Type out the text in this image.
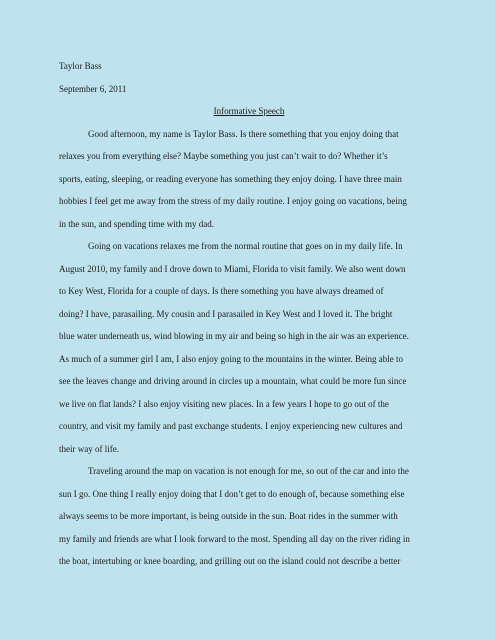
Taylor Bass
September 6, 2011
Informative Speech
Good afternoon, my name is Taylor Bass. Is there something that you enjoy doing that
relaxes you from everything else? Maybe something you just can’t wait to do? Whether it’s
sports, eating, sleeping, or reading everyone has something they enjoy doing. I have three main
hobbies I feel get me away from the stress of my daily routine. I enjoy going on vacations, being
in the sun, and spending time with my dad.
Going on vacations relaxes me from the normal routine that goes on in my daily life. In
August 2010, my family and I drove down to Miami, Florida to visit family. We also went down
to Key West, Florida for a couple of days. Is there something you have always dreamed of
doing? I have, parasailing. My cousin and I parasailed in Key West and I loved it. The bright
blue water underneath us, wind blowing in my air and being so high in the air was an experience.
As much of a summer girl I am, I also enjoy going to the mountains in the winter. Being able to
see the leaves change and driving around in circles up a mountain, what could be more fun since
we live on flat lands? I also enjoy visiting new places. In a few years I hope to go out of the
country, and visit my family and past exchange students. I enjoy experiencing new cultures and
their way of life.
Traveling around the map on vacation is not enough for me, so out of the car and into the
sun I go. One thing I really enjoy doing that I don’t get to do enough of, because something else
always seems to be more important, is being outside in the sun. Boat rides in the summer with
my family and friends are what I look forward to the most. Spending all day on the river riding in
the boat, intertubing or knee boarding, and grilling out on the island could not describe a better
